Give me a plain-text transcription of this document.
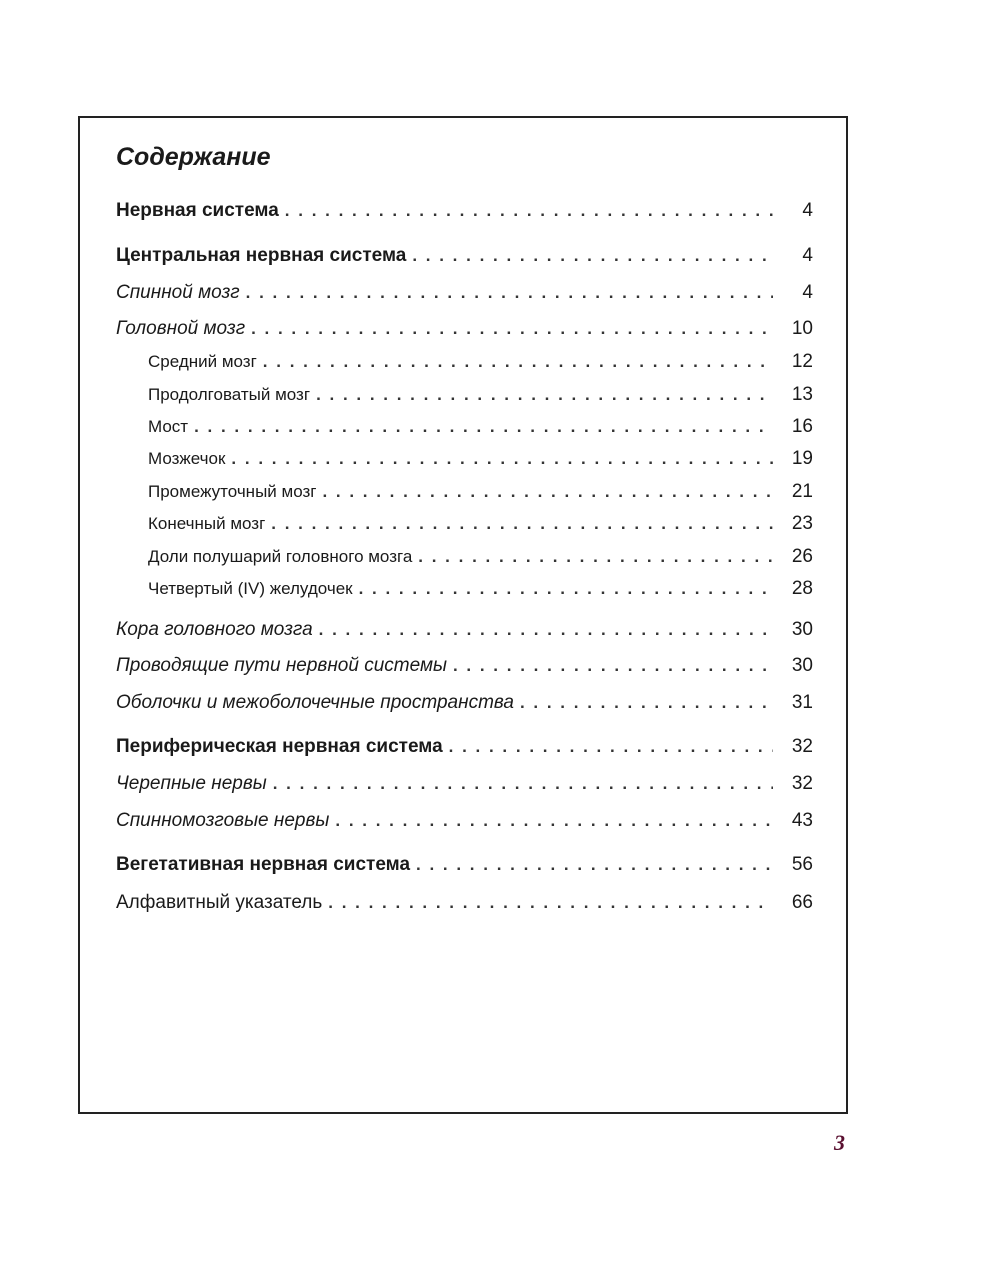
Содержание
Нервная система . . .	4
Центральная нервная система . . .	4
Спинной мозг . . .	4
Головной мозг . . .	10
Средний мозг . . .	12
Продолговатый мозг . . .	13
Мост . . .	16
Мозжечок . . .	19
Промежуточный мозг . . .	21
Конечный мозг . . .	23
Доли полушарий головного мозга . . .	26
Четвертый (IV) желудочек . . .	28
Кора головного мозга . . .	30
Проводящие пути нервной системы . . .	30
Оболочки и межоболочечные пространства . . .	31
Периферическая нервная система . . .	32
Черепные нервы . . .	32
Спинномозговые нервы . . .	43
Вегетативная нервная система . . .	56
Алфавитный указатель . . .	66
3
